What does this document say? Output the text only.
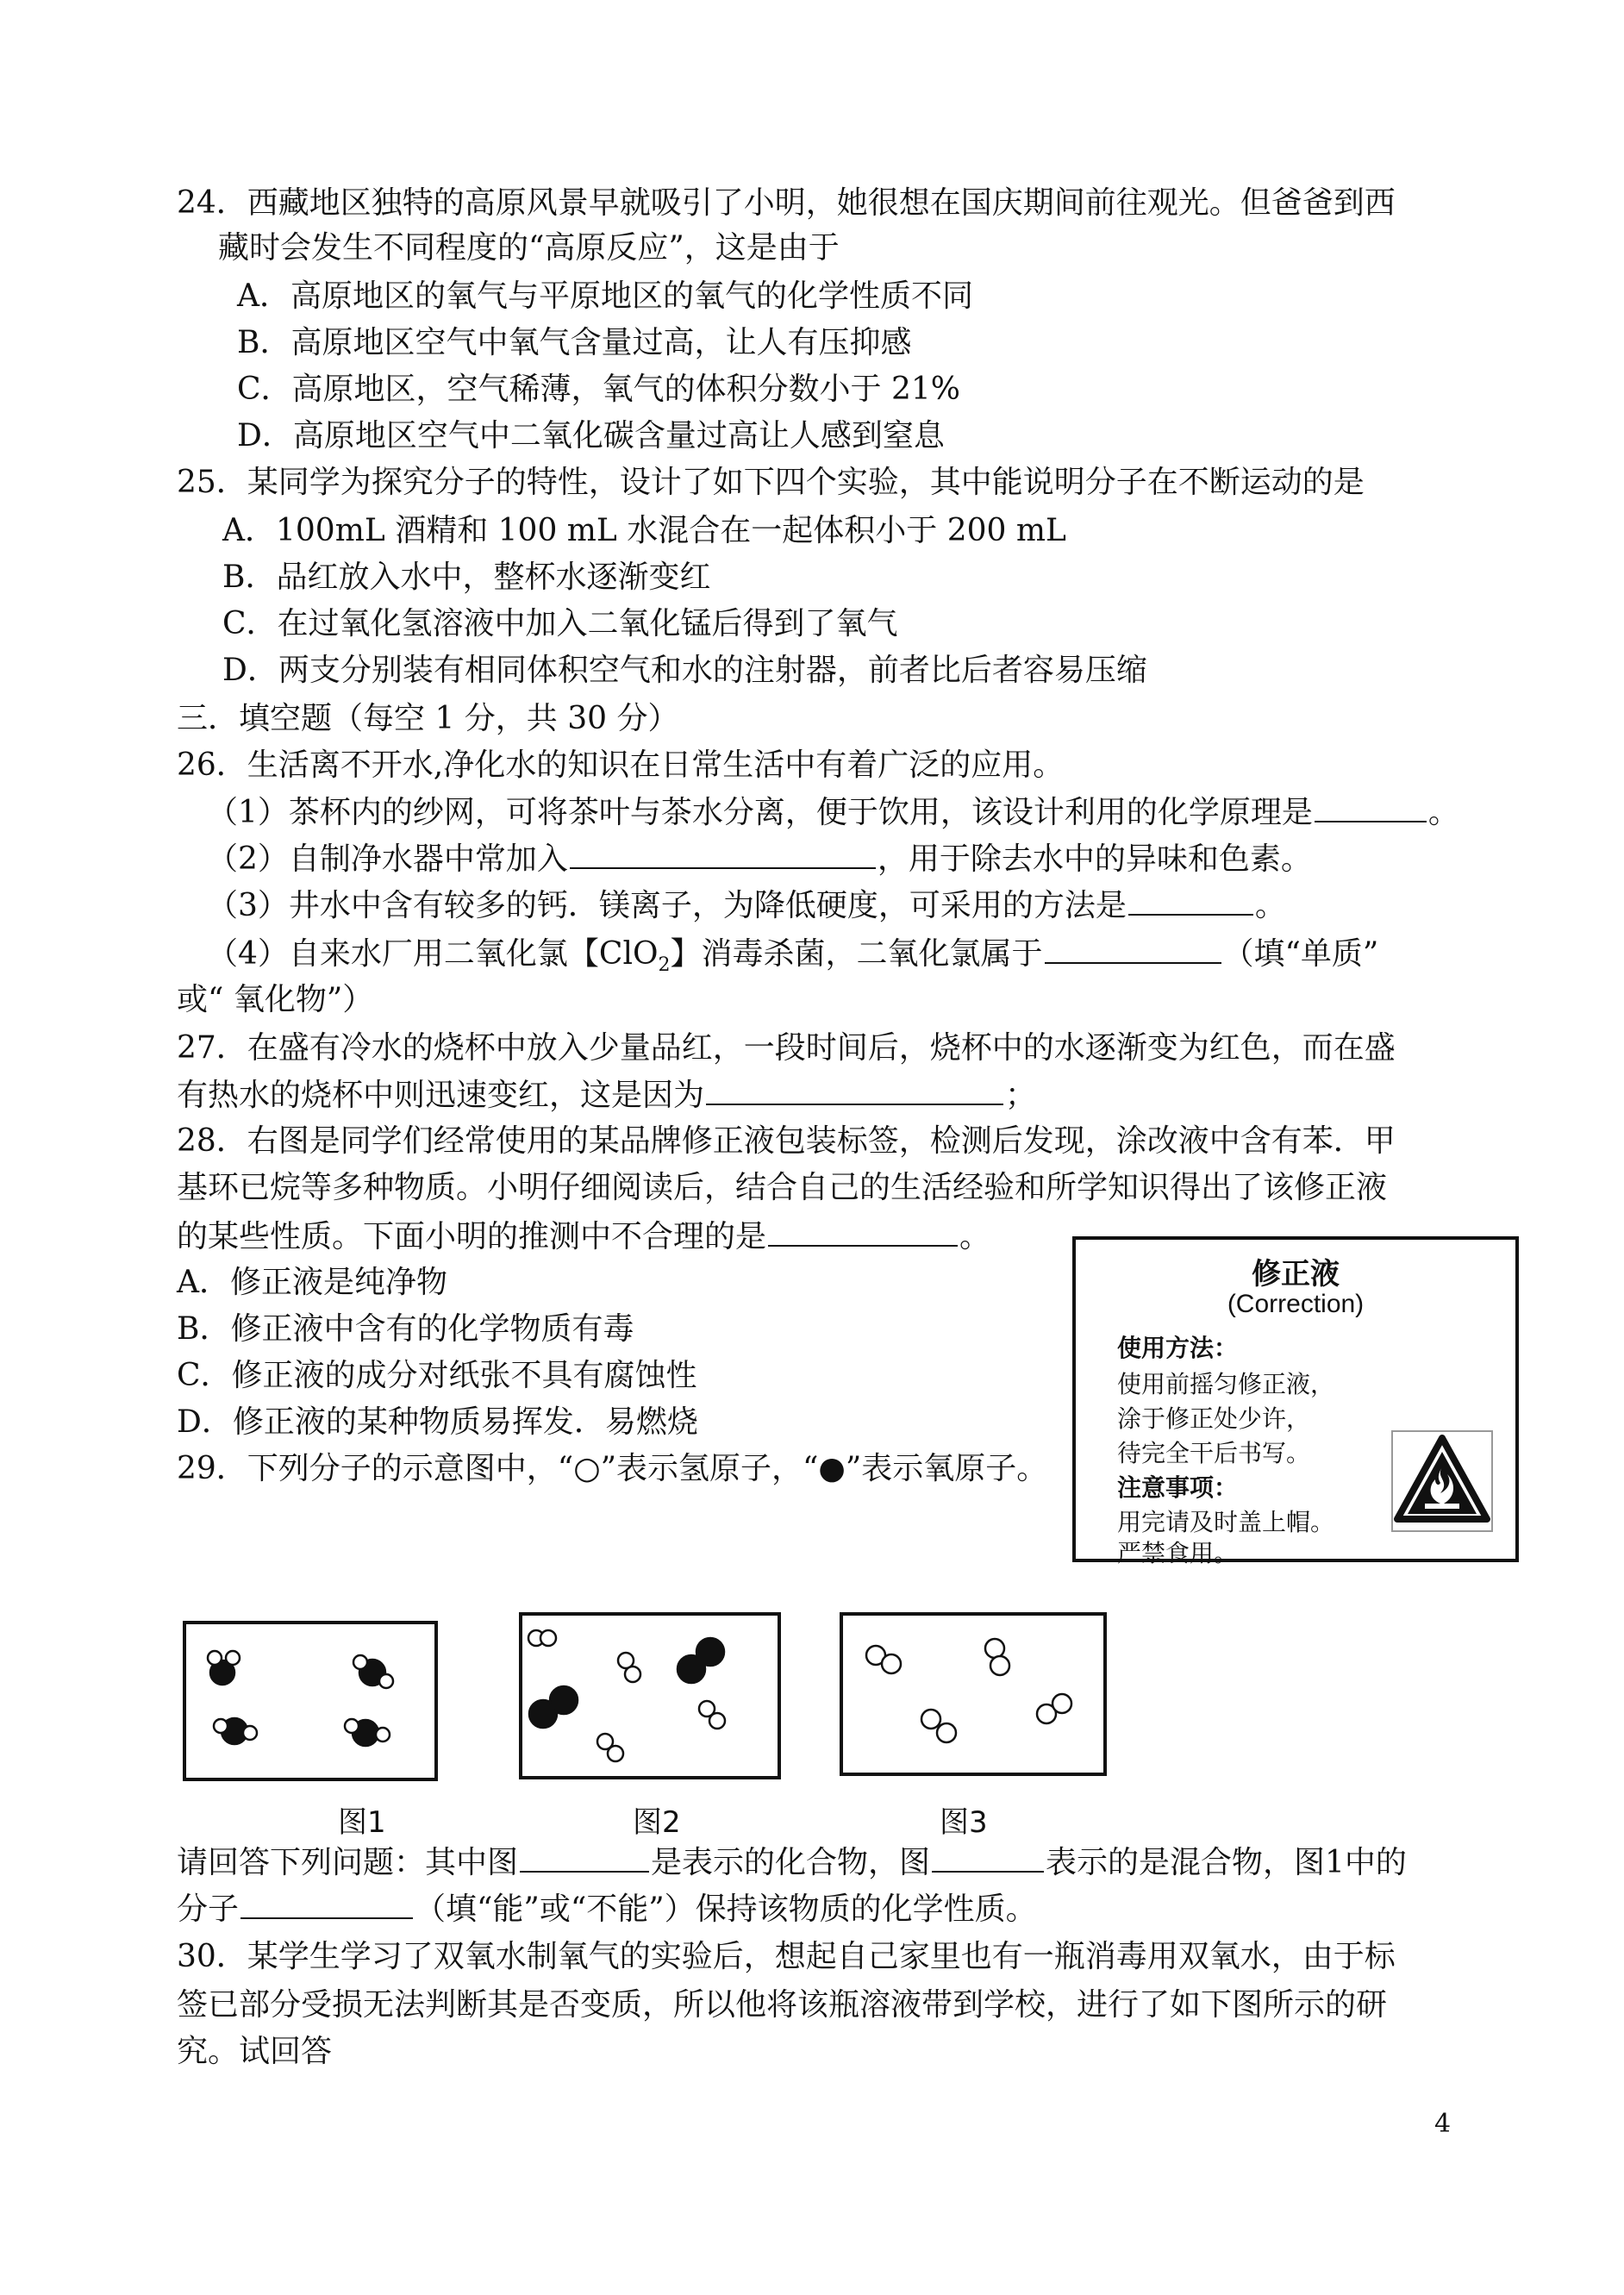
24．西藏地区独特的高原风景早就吸引了小明，她很想在国庆期间前往观光。但爸爸到西
藏时会发生不同程度的“高原反应”，这是由于
A．高原地区的氧气与平原地区的氧气的化学性质不同
B．高原地区空气中氧气含量过高，让人有压抑感
C．高原地区，空气稀薄，氧气的体积分数小于 21%
D．高原地区空气中二氧化碳含量过高让人感到窒息
25．某同学为探究分子的特性，设计了如下四个实验，其中能说明分子在不断运动的是
A．100mL 酒精和 100 mL 水混合在一起体积小于 200 mL
B．品红放入水中，整杯水逐渐变红
C．在过氧化氢溶液中加入二氧化锰后得到了氧气
D．两支分别装有相同体积空气和水的注射器，前者比后者容易压缩
三．填空题（每空 1 分，共 30 分）
26．生活离不开水,净化水的知识在日常生活中有着广泛的应用。
（1）茶杯内的纱网，可将茶叶与茶水分离，便于饮用，该设计利用的化学原理是	。
（2）自制净水器中常加入	，用于除去水中的异味和色素。
（3）井水中含有较多的钙．镁离子，为降低硬度，可采用的方法是	。
（4）自来水厂用二氧化氯【ClO$_2$】消毒杀菌，二氧化氯属于	（填“单质”
或“ 氧化物”）
27．在盛有冷水的烧杯中放入少量品红，一段时间后，烧杯中的水逐渐变为红色，而在盛
有热水的烧杯中则迅速变红，这是因为	；
28．右图是同学们经常使用的某品牌修正液包装标签，检测后发现，涂改液中含有苯．甲
基环已烷等多种物质。小明仔细阅读后，结合自己的生活经验和所学知识得出了该修正液
的某些性质。下面小明的推测中不合理的是	。
A．修正液是纯净物
B．修正液中含有的化学物质有毒
C．修正液的成分对纸张不具有腐蚀性
D．修正液的某种物质易挥发．易燃烧
修正液
(Correction)
使用方法：
使用前摇匀修正液，
涂于修正处少许，
待完全干后书写。
注意事项：
用完请及时盖上帽。
严禁食用。
29．下列分子的示意图中，“○”表示氢原子，“●”表示氧原子。
图1	图2	图3
请回答下列问题：其中图	是表示的化合物，图	表示的是混合物，图1中的
分子	（填“能”或“不能”）保持该物质的化学性质。
30．某学生学习了双氧水制氧气的实验后，想起自己家里也有一瓶消毒用双氧水，由于标
签已部分受损无法判断其是否变质，所以他将该瓶溶液带到学校，进行了如下图所示的研
究。试回答
4
